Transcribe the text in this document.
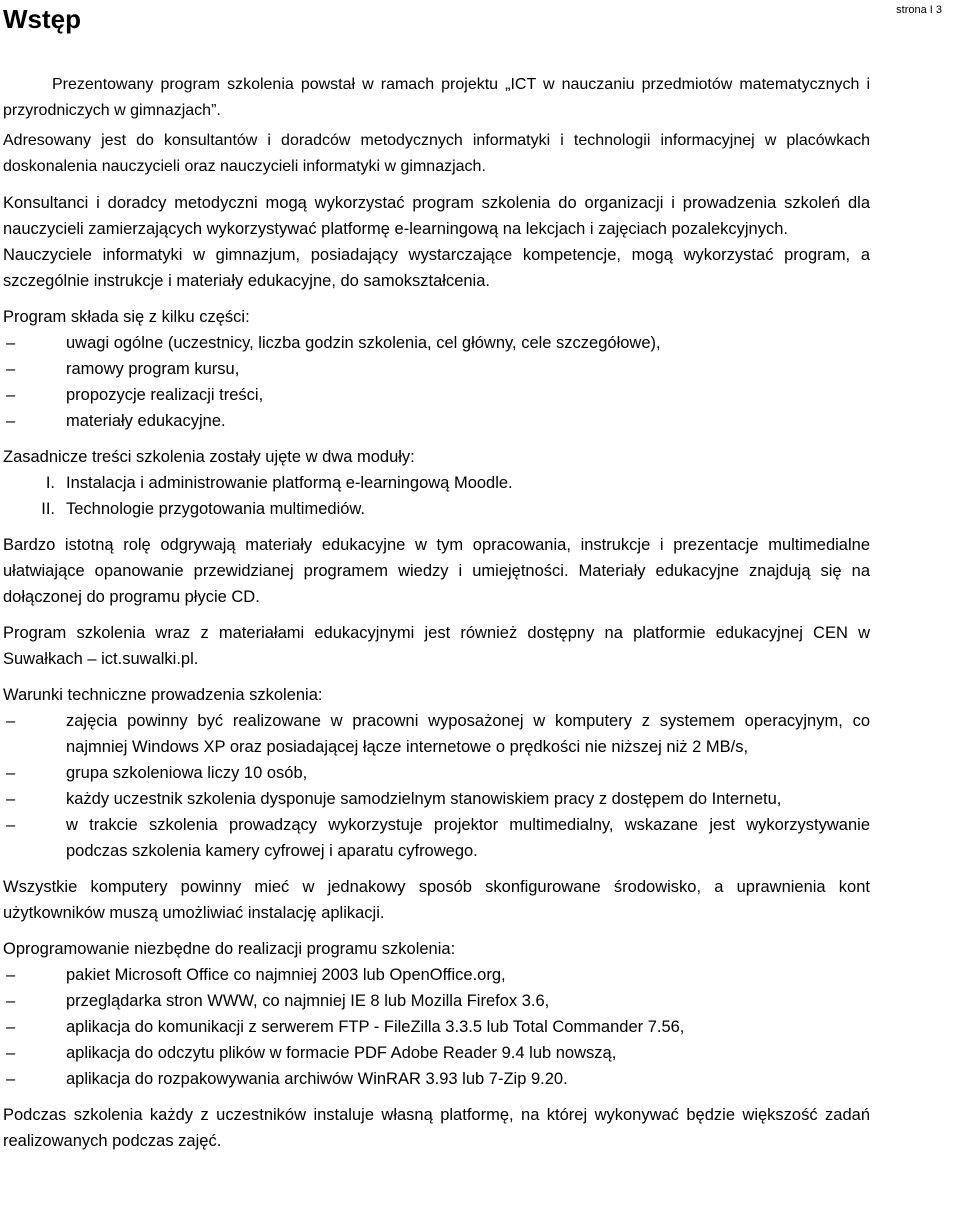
Wstęp	strona I 3

Prezentowany program szkolenia powstał w ramach projektu „ICT w nauczaniu przedmiotów matematycznych i przyrodniczych w gimnazjach”.

Adresowany jest do konsultantów i doradców metodycznych informatyki i technologii informacyjnej w placówkach doskonalenia nauczycieli oraz nauczycieli informatyki w gimnazjach.

Konsultanci i doradcy metodyczni mogą wykorzystać program szkolenia do organizacji i prowadzenia szkoleń dla nauczycieli zamierzających wykorzystywać platformę e-learningową na lekcjach i zajęciach pozalekcyjnych.

Nauczyciele informatyki w gimnazjum, posiadający wystarczające kompetencje, mogą wykorzystać program, a szczególnie instrukcje i materiały edukacyjne, do samokształcenia.

Program składa się z kilku części:

–	uwagi ogólne (uczestnicy, liczba godzin szkolenia, cel główny, cele szczegółowe),
–	ramowy program kursu,
–	propozycje realizacji treści,
–	materiały edukacyjne.

Zasadnicze treści szkolenia zostały ujęte w dwa moduły:

I. Instalacja i administrowanie platformą e-learningową Moodle.
II. Technologie przygotowania multimediów.

Bardzo istotną rolę odgrywają materiały edukacyjne w tym opracowania, instrukcje i prezentacje multimedialne ułatwiające opanowanie przewidzianej programem wiedzy i umiejętności. Materiały edukacyjne znajdują się na dołączonej do programu płycie CD.

Program szkolenia wraz z materiałami edukacyjnymi jest również dostępny na platformie edukacyjnej CEN w Suwałkach – ict.suwalki.pl.

Warunki techniczne prowadzenia szkolenia:

–	zajęcia powinny być realizowane w pracowni wyposażonej w komputery z systemem operacyjnym, co najmniej Windows XP oraz posiadającej łącze internetowe o prędkości nie niższej niż 2 MB/s,
–	grupa szkoleniowa liczy 10 osób,
–	każdy uczestnik szkolenia dysponuje samodzielnym stanowiskiem pracy z dostępem do Internetu,
–	w trakcie szkolenia prowadzący wykorzystuje projektor multimedialny, wskazane jest wykorzystywanie podczas szkolenia kamery cyfrowej i aparatu cyfrowego.

Wszystkie komputery powinny mieć w jednakowy sposób skonfigurowane środowisko, a uprawnienia kont użytkowników muszą umożliwiać instalację aplikacji.

Oprogramowanie niezbędne do realizacji programu szkolenia:

–	pakiet Microsoft Office co najmniej 2003 lub OpenOffice.org,
–	przeglądarka stron WWW, co najmniej IE 8 lub Mozilla Firefox 3.6,
–	aplikacja do komunikacji z serwerem FTP - FileZilla 3.3.5 lub Total Commander 7.56,
–	aplikacja do odczytu plików w formacie PDF Adobe Reader 9.4 lub nowszą,
–	aplikacja do rozpakowywania archiwów WinRAR 3.93 lub 7-Zip 9.20.

Podczas szkolenia każdy z uczestników instaluje własną platformę, na której wykonywać będzie większość zadań realizowanych podczas zajęć.
